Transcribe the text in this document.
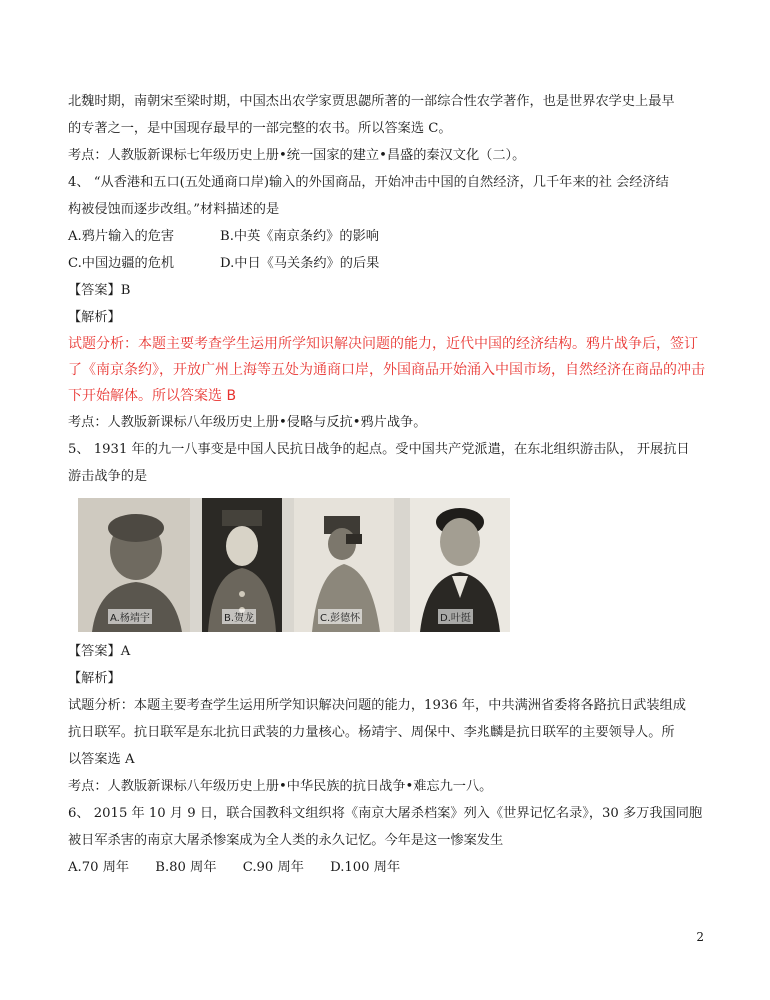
北魏时期，南朝宋至梁时期，中国杰出农学家贾思勰所著的一部综合性农学著作，也是世界农学史上最早
的专著之一，是中国现存最早的一部完整的农书。所以答案选 C。
考点：人教版新课标七年级历史上册•统一国家的建立•昌盛的秦汉文化（二）。
4、 “从香港和五口(五处通商口岸)输入的外国商品，开始冲击中国的自然经济，几千年来的社 会经济结
构被侵蚀而逐步改组。”材料描述的是
A.鸦片输入的危害	B.中英《南京条约》的影响
C.中国边疆的危机	D.中日《马关条约》的后果
【答案】B
【解析】
试题分析：本题主要考查学生运用所学知识解决问题的能力，近代中国的经济结构。鸦片战争后，签订了《南京条约》，开放广州上海等五处为通商口岸，外国商品开始涌入中国市场，自然经济在商品的冲击下开始解体。所以答案选 B
考点：人教版新课标八年级历史上册•侵略与反抗•鸦片战争。
5、 1931 年的九一八事变是中国人民抗日战争的起点。受中国共产党派遣，在东北组织游击队， 开展抗日
游击战争的是
A.杨靖宇	B.贺龙	C.彭德怀	D.叶挺
【答案】A
【解析】
试题分析：本题主要考查学生运用所学知识解决问题的能力，1936 年，中共满洲省委将各路抗日武装组成
抗日联军。抗日联军是东北抗日武装的力量核心。杨靖宇、周保中、李兆麟是抗日联军的主要领导人。所
以答案选 A
考点：人教版新课标八年级历史上册•中华民族的抗日战争•难忘九一八。
6、 2015 年 10 月 9 日，联合国教科文组织将《南京大屠杀档案》列入《世界记忆名录》，30 多万我国同胞
被日军杀害的南京大屠杀惨案成为全人类的永久记忆。今年是这一惨案发生
A.70 周年 B.80 周年 C.90 周年 D.100 周年
2
